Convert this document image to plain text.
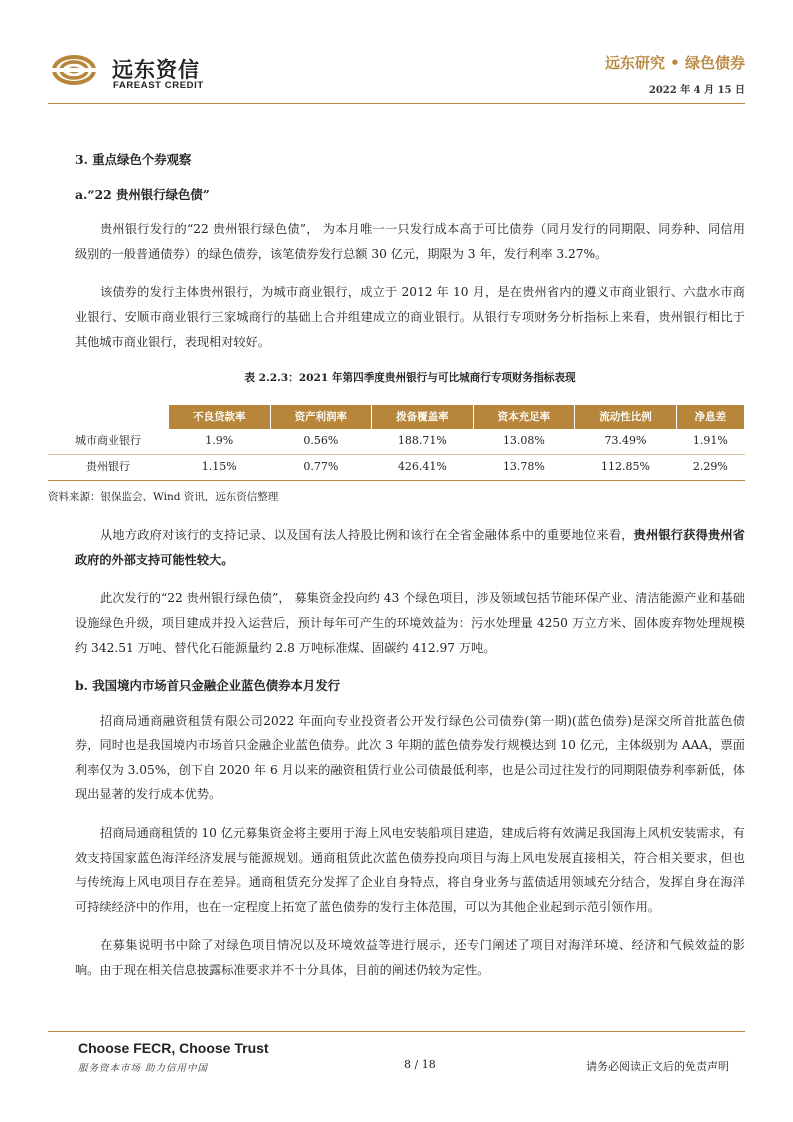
远东资信
FAREAST CREDIT
远东研究 • 绿色债券
2022 年 4 月 15 日

3. 重点绿色个券观察

a.“22 贵州银行绿色债”

贵州银行发行的“22 贵州银行绿色债”， 为本月唯一一只发行成本高于可比债券（同月发行的同期限、同券种、同信用级别的一般普通债券）的绿色债券，该笔债券发行总额 30 亿元，期限为 3 年，发行利率 3.27%。

该债券的发行主体贵州银行，为城市商业银行，成立于 2012 年 10 月，是在贵州省内的遵义市商业银行、六盘水市商业银行、安顺市商业银行三家城商行的基础上合并组建成立的商业银行。从银行专项财务分析指标上来看，贵州银行相比于其他城市商业银行，表现相对较好。

表 2.2.3：2021 年第四季度贵州银行与可比城商行专项财务指标表现
	不良贷款率	资产利润率	拨备覆盖率	资本充足率	流动性比例	净息差
城市商业银行	1.9%	0.56%	188.71%	13.08%	73.49%	1.91%
贵州银行	1.15%	0.77%	426.41%	13.78%	112.85%	2.29%
资料来源：银保监会、Wind 资讯，远东资信整理

从地方政府对该行的支持记录、以及国有法人持股比例和该行在全省金融体系中的重要地位来看，贵州银行获得贵州省政府的外部支持可能性较大。

此次发行的“22 贵州银行绿色债”， 募集资金投向约 43 个绿色项目，涉及领域包括节能环保产业、清洁能源产业和基础设施绿色升级，项目建成并投入运营后，预计每年可产生的环境效益为：污水处理量 4250 万立方米、固体废弃物处理规模约 342.51 万吨、替代化石能源量约 2.8 万吨标准煤、固碳约 412.97 万吨。

b. 我国境内市场首只金融企业蓝色债券本月发行

招商局通商融资租赁有限公司2022 年面向专业投资者公开发行绿色公司债券(第一期)(蓝色债券)是深交所首批蓝色债券，同时也是我国境内市场首只金融企业蓝色债券。此次 3 年期的蓝色债券发行规模达到 10 亿元，主体级别为 AAA，票面利率仅为 3.05%，创下自 2020 年 6 月以来的融资租赁行业公司债最低利率，也是公司过往发行的同期限债券利率新低，体现出显著的发行成本优势。

招商局通商租赁的 10 亿元募集资金将主要用于海上风电安装船项目建造，建成后将有效满足我国海上风机安装需求，有效支持国家蓝色海洋经济发展与能源规划。通商租赁此次蓝色债券投向项目与海上风电发展直接相关，符合相关要求，但也与传统海上风电项目存在差异。通商租赁充分发挥了企业自身特点，将自身业务与蓝债适用领域充分结合，发挥自身在海洋可持续经济中的作用，也在一定程度上拓宽了蓝色债券的发行主体范围，可以为其他企业起到示范引领作用。

在募集说明书中除了对绿色项目情况以及环境效益等进行展示，还专门阐述了项目对海洋环境、经济和气候效益的影响。由于现在相关信息披露标准要求并不十分具体，目前的阐述仍较为定性。

Choose FECR, Choose Trust
服务资本市场 助力信用中国	8 / 18	请务必阅读正文后的免责声明
